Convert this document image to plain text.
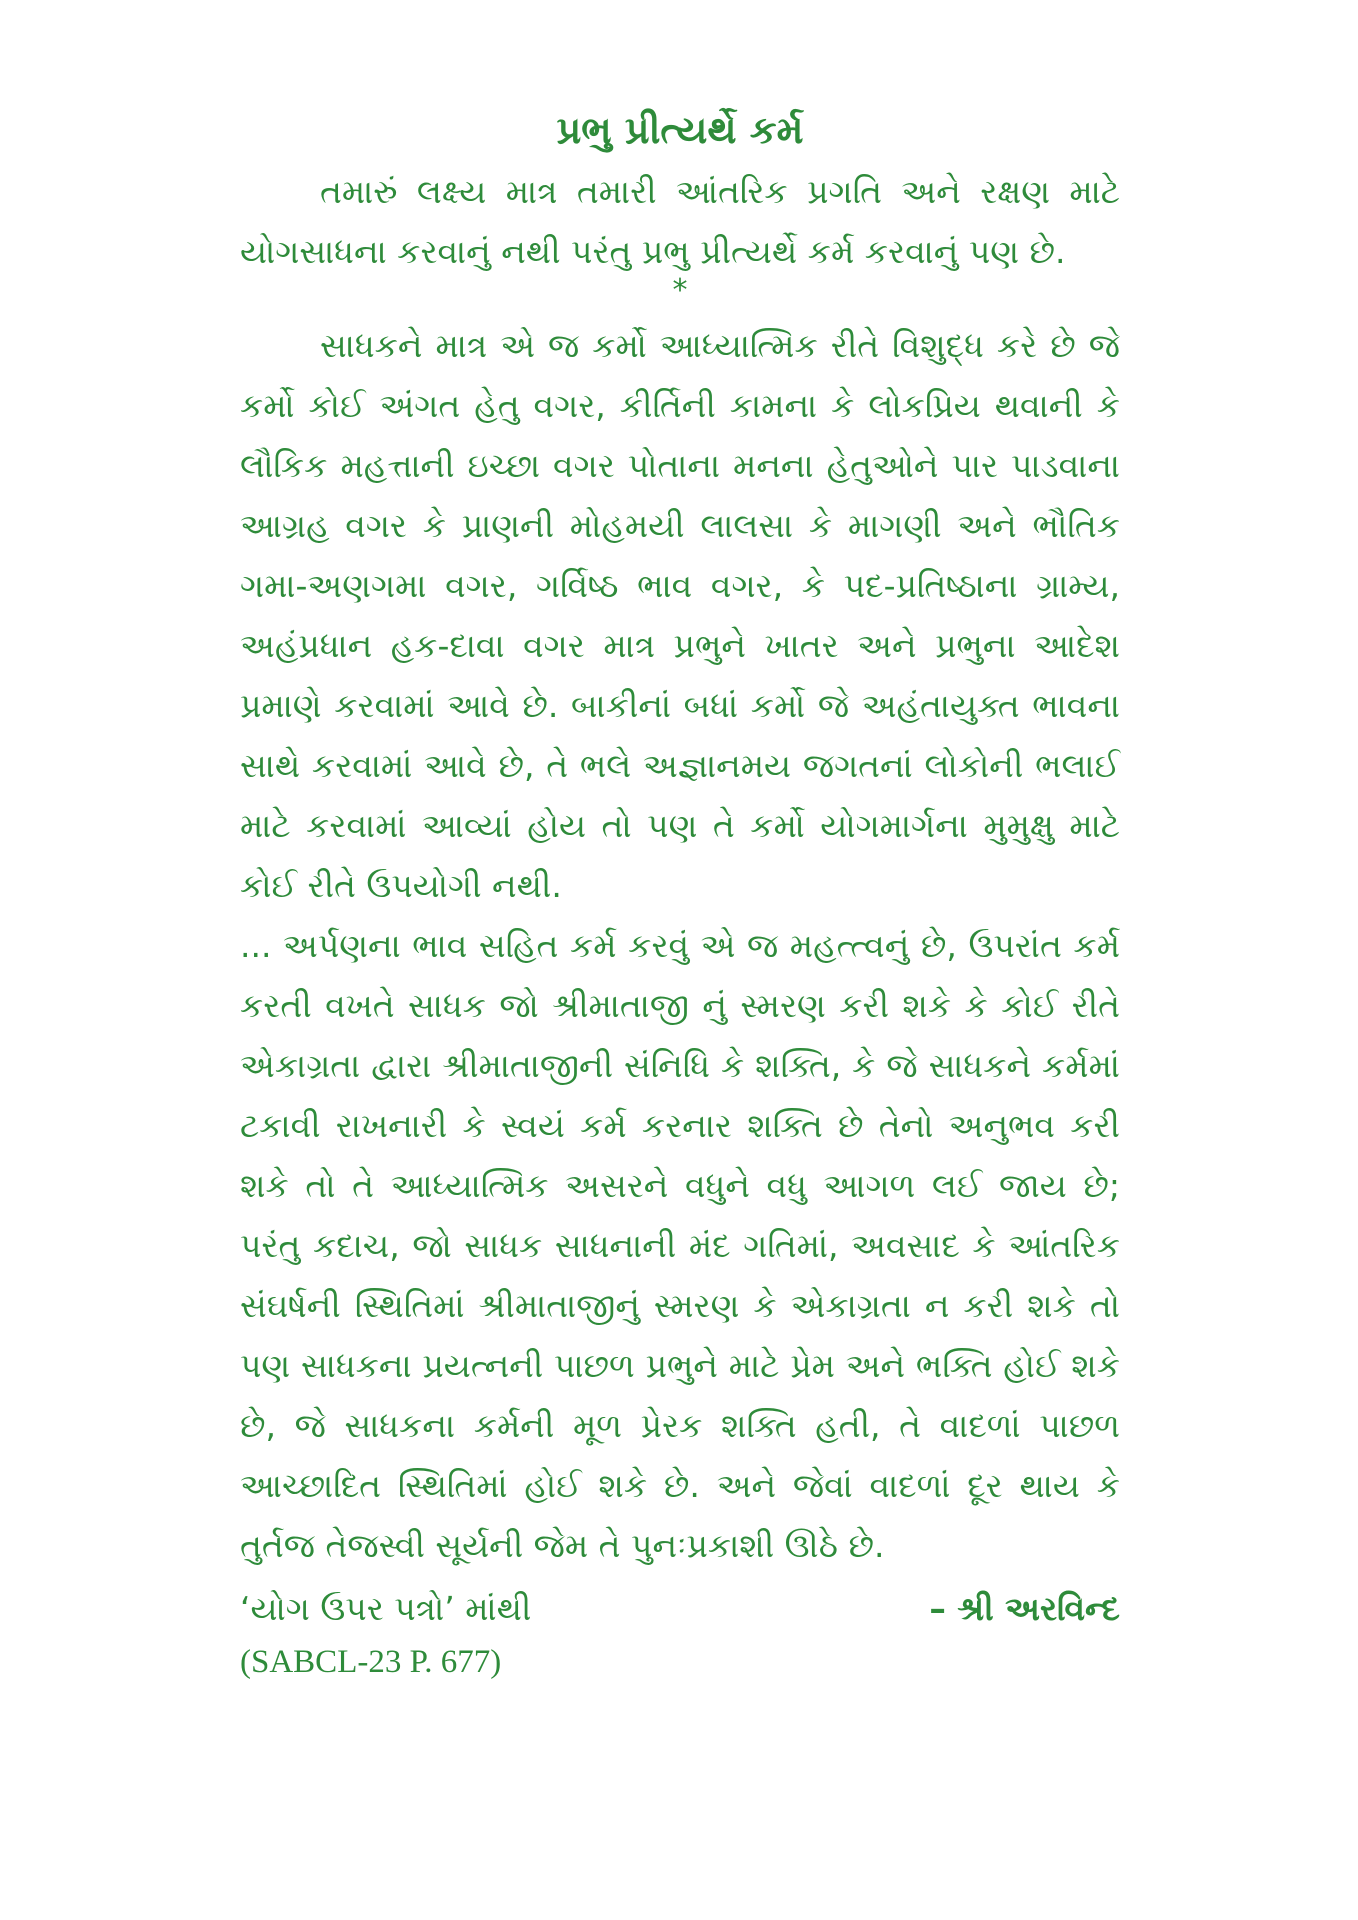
પ્રભુ પ્રીત્યર્થે કર્મ

તમારું લક્ષ્ય માત્ર તમારી આંતરિક પ્રગતિ અને રક્ષણ માટે યોગસાધના કરવાનું નથી પરંતુ પ્રભુ પ્રીત્યર્થે કર્મ કરવાનું પણ છે.

*

સાધકને માત્ર એ જ કર્મો આધ્યાત્મિક રીતે વિશુદ્ધ કરે છે જે કર્મો કોઈ અંગત હેતુ વગર, કીર્તિની કામના કે લોકપ્રિય થવાની કે લૌકિક મહત્તાની ઇચ્છા વગર પોતાના મનના હેતુઓને પાર પાડવાના આગ્રહ વગર કે પ્રાણની મોહમયી લાલસા કે માગણી અને ભૌતિક ગમા-અણગમા વગર, ગર્વિષ્ઠ ભાવ વગર, કે પદ-પ્રતિષ્ઠાના ગ્રામ્ય, અહંપ્રધાન હક-દાવા વગર માત્ર પ્રભુને ખાતર અને પ્રભુના આદેશ પ્રમાણે કરવામાં આવે છે. બાકીનાં બધાં કર્મો જે અહંતાયુક્ત ભાવના સાથે કરવામાં આવે છે, તે ભલે અજ્ઞાનમય જગતનાં લોકોની ભલાઈ માટે કરવામાં આવ્યાં હોય તો પણ તે કર્મો યોગમાર્ગના મુમુક્ષુ માટે કોઈ રીતે ઉપયોગી નથી.

... અર્પણના ભાવ સહિત કર્મ કરવું એ જ મહત્ત્વનું છે, ઉપરાંત કર્મ કરતી વખતે સાધક જો શ્રીમાતાજી નું સ્મરણ કરી શકે કે કોઈ રીતે એકાગ્રતા દ્વારા શ્રીમાતાજીની સંનિધિ કે શક્તિ, કે જે સાધકને કર્મમાં ટકાવી રાખનારી કે સ્વયં કર્મ કરનાર શક્તિ છે તેનો અનુભવ કરી શકે તો તે આધ્યાત્મિક અસરને વધુને વધુ આગળ લઈ જાય છે; પરંતુ કદાચ, જો સાધક સાધનાની મંદ ગતિમાં, અવસાદ કે આંતરિક સંઘર્ષની સ્થિતિમાં શ્રીમાતાજીનું સ્મરણ કે એકાગ્રતા ન કરી શકે તો પણ સાધકના પ્રયત્નની પાછળ પ્રભુને માટે પ્રેમ અને ભક્તિ હોઈ શકે છે, જે સાધકના કર્મની મૂળ પ્રેરક શક્તિ હતી, તે વાદળાં પાછળ આચ્છાદિત સ્થિતિમાં હોઈ શકે છે. અને જેવાં વાદળાં દૂર થાય કે તુર્તજ તેજસ્વી સૂર્યની જેમ તે પુનઃપ્રકાશી ઊઠે છે.

‘યોગ ઉપર પત્રો’ માંથી	– શ્રી અરવિન્દ
(SABCL-23 P. 677)
